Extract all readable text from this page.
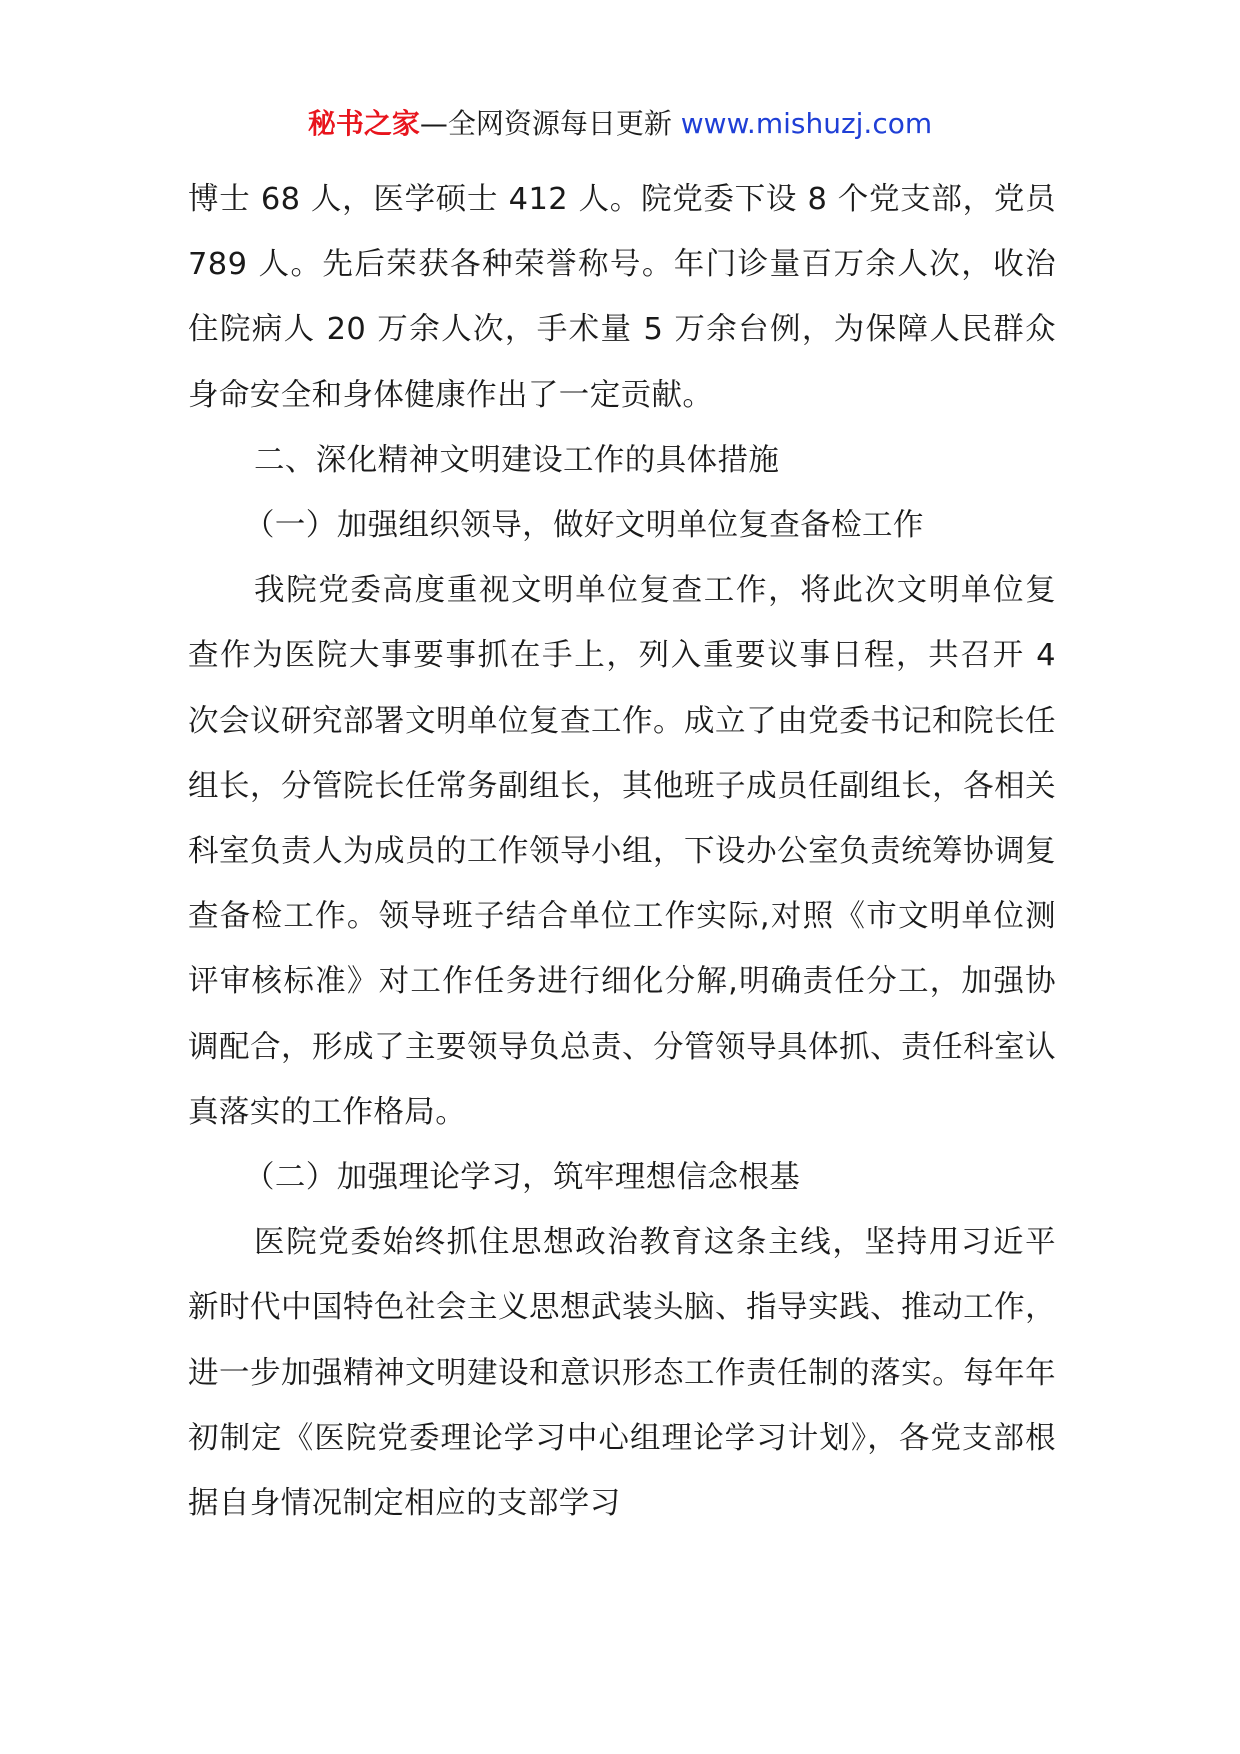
秘书之家—全网资源每日更新 www.mishuzj.com

博士 68 人，医学硕士 412 人。院党委下设 8 个党支部，党员 789 人。先后荣获各种荣誉称号。年门诊量百万余人次，收治住院病人 20 万余人次，手术量 5 万余台例，为保障人民群众身命安全和身体健康作出了一定贡献。

二、深化精神文明建设工作的具体措施

（一）加强组织领导，做好文明单位复查备检工作

我院党委高度重视文明单位复查工作，将此次文明单位复查作为医院大事要事抓在手上，列入重要议事日程，共召开 4 次会议研究部署文明单位复查工作。成立了由党委书记和院长任组长，分管院长任常务副组长，其他班子成员任副组长，各相关科室负责人为成员的工作领导小组，下设办公室负责统筹协调复查备检工作。领导班子结合单位工作实际,对照《市文明单位测评审核标准》对工作任务进行细化分解,明确责任分工，加强协调配合，形成了主要领导负总责、分管领导具体抓、责任科室认真落实的工作格局。

（二）加强理论学习，筑牢理想信念根基

医院党委始终抓住思想政治教育这条主线，坚持用习近平新时代中国特色社会主义思想武装头脑、指导实践、推动工作，进一步加强精神文明建设和意识形态工作责任制的落实。每年年初制定《医院党委理论学习中心组理论学习计划》，各党支部根据自身情况制定相应的支部学习
